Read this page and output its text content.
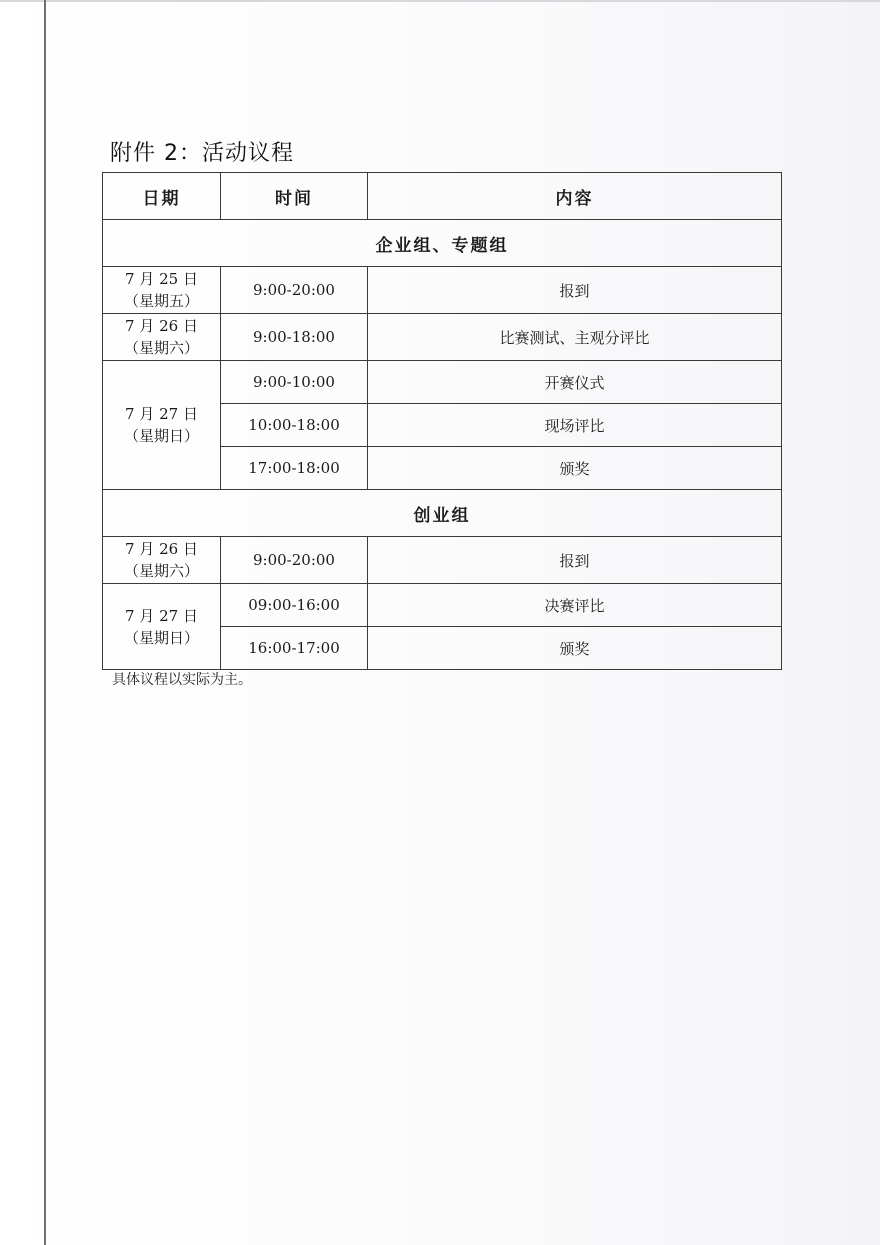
附件 2：活动议程
日期	时间	内容
企业组、专题组		

7 月 25 日
（星期五）	9:00-20:00	报到

7 月 26 日
（星期六）	9:00-18:00	比赛测试、主观分评比

7 月 27 日
（星期日）	9:00-10:00	开赛仪式
	10:00-18:00	现场评比
	17:00-18:00	颁奖
创业组		

7 月 26 日
（星期六）	9:00-20:00	报到

7 月 27 日
（星期日）	09:00-16:00	决赛评比
	16:00-17:00	颁奖
具体议程以实际为主。
